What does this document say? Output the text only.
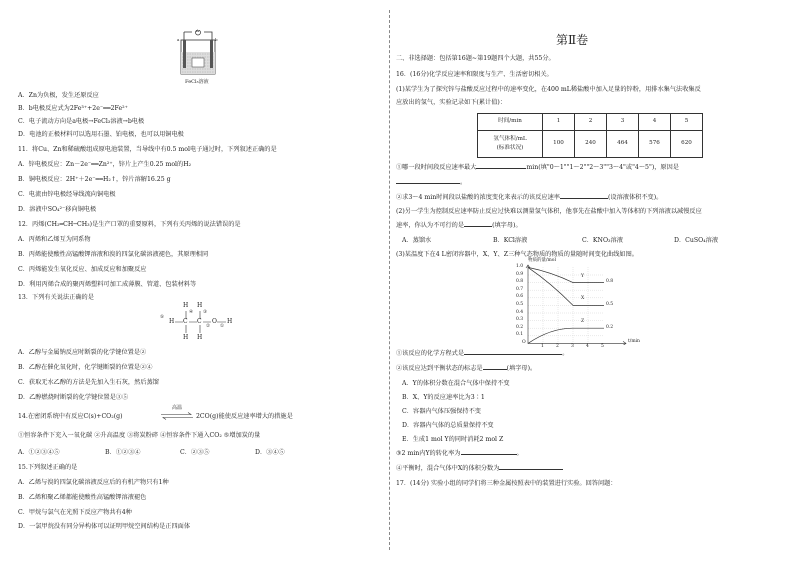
A
a	b
FeCl₃溶液
A．Zn为负极，发生还原反应
B．b电极反应式为2Fe³⁺+2e⁻══2Fe²⁺
C．电子流动方向是a电极→FeCl₃溶液→b电极
D．电池的正极材料可以选用石墨、铂电极，也可以用铜电极
11．将Cu、Zn和稀硫酸组成原电池装置，当导线中有0.5 mol电子通过时，下列叙述正确的是
A．锌电极反应：Zn－2e⁻══Zn²⁺，锌片上产生0.25 mol的H₂
B．铜电极反应：2H⁺＋2e⁻══H₂↑，锌片溶解16.25 g
C．电流由锌电极经导线流向铜电极
D．溶液中SO₄²⁻移向铜电极
12．丙烯(CH₂═CH─CH₃)是生产口罩的重要原料，下列有关丙烯的说法错误的是
A．丙烯和乙烯互为同系物
B．丙烯能使酸性高锰酸钾溶液和溴的四氯化碳溶液褪色，其原理相同
C．丙烯能发生氧化反应、加成反应和加聚反应
D．利用丙烯合成的聚丙烯塑料可加工成薄膜、管道、包装材料等
13．下列有关说法正确的是
H C C O H
H H
H H
⑤
④ ③
② ①
A．乙醇与金属钠反应时断裂的化学键位置是②
B．乙醇在催化氧化时，化学键断裂的位置是②④
C．获取无水乙醇的方法是先加入生石灰，然后蒸馏
D．乙醇燃烧时断裂的化学键位置是③⑤
高温
14.在密闭系统中有反应C(s)+CO₂(g)	2CO(g)能使反应速率增大的措施是
①恒容条件下充入一氧化碳 ②升高温度 ③将炭粉碎 ④恒容条件下通入CO₂ ⑤增加炭的量
A．①②③④⑤	B．①②③④	C．②③⑤	D．③④⑤
15.下列叙述正确的是
A．乙烯与溴的四氯化碳溶液反应后的有机产物只有1种
B．乙烯和聚乙烯都能使酸性高锰酸钾溶液褪色
C．甲烷与氯气在光照下反应产物共有4种
D．一氯甲烷没有同分异构体可以证明甲烷空间结构是正四面体
第Ⅱ卷
二、非选择题：包括第16题~第19题四个大题，共55分。
16．(16分)化学反应速率和限度与生产、生活密切相关。
(1)某学生为了探究锌与盐酸反应过程中的速率变化，在400 mL稀盐酸中加入足量的锌粉，用排水集气法收集反
应放出的氢气，实验记录如下(累计值)：
时间/min	1	2	3	4	5
氢气体积/mL
(标准状况)	100	240	464	576	620
①哪一段时间段反应速率最大	min(填"0～1""1～2""2～3""3～4"或"4～5")，原因是
。
②求3～4 min时间段以盐酸的浓度变化来表示的该反应速率	(设溶液体积不变)。
(2)另一学生为控制反应速率防止反应过快难以测量氢气体积，他事先在盐酸中加入等体积的下列溶液以减慢反应
速率，你认为不可行的是	(填字母)。
A．蒸馏水	B．KCl溶液	C．KNO₃溶液	D．CuSO₄溶液
(3)某温度下在4 L密闭容器中，X、Y、Z三种气态物质的物质的量随时间变化曲线如图。
物质的量/mol
t/min
O
1.0
0.9
0.8
0.7
0.6
0.5
0.4
0.3
0.2
0.1
1	2	3	4	5
Y
X
Z
0.8
0.5
0.2
①该反应的化学方程式是	。
②该反应达到平衡状态的标志是	(填字母)。
A．Y的体积分数在混合气体中保持不变
B．X、Y的反应速率比为3∶1
C．容器内气体压强保持不变
D．容器内气体的总质量保持不变
E．生成1 mol Y的同时消耗2 mol Z
③2 min内Y的转化率为	。
④平衡时，混合气体中X的体积分数为
17．(14分) 实验小组的同学们将三种金属按照表中的装置进行实验。回答问题：
